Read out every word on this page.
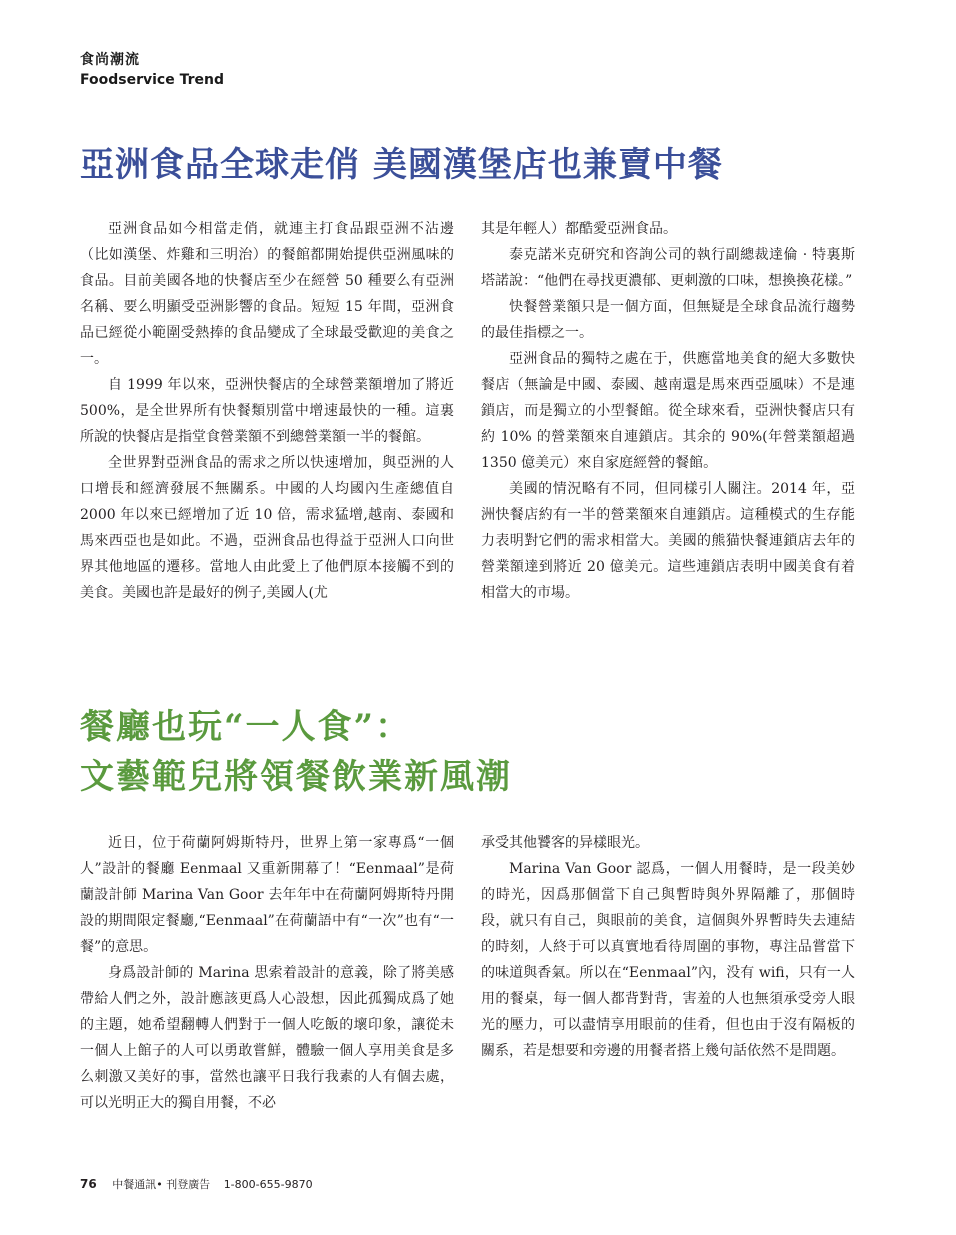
食尚潮流
Foodservice Trend
亞洲食品全球走俏 美國漢堡店也兼賣中餐

亞洲食品如今相當走俏，就連主打食品跟亞洲不沾邊（比如漢堡、炸雞和三明治）的餐館都開始提供亞洲風味的食品。目前美國各地的快餐店至少在經營 50 種要么有亞洲名稱、要么明顯受亞洲影響的食品。短短 15 年間，亞洲食品已經從小範圍受熱捧的食品變成了全球最受歡迎的美食之一。

自 1999 年以來，亞洲快餐店的全球營業額增加了將近 500%，是全世界所有快餐類別當中增速最快的一種。這裏所說的快餐店是指堂食營業額不到總營業額一半的餐館。

全世界對亞洲食品的需求之所以快速增加，與亞洲的人口增長和經濟發展不無關系。中國的人均國內生產總值自 2000 年以來已經增加了近 10 倍，需求猛增,越南、泰國和馬來西亞也是如此。不過，亞洲食品也得益于亞洲人口向世界其他地區的遷移。當地人由此愛上了他們原本接觸不到的美食。美國也許是最好的例子,美國人(尤

其是年輕人）都酷愛亞洲食品。

泰克諾米克研究和咨詢公司的執行副總裁達倫 · 特裏斯塔諾說：“他們在尋找更濃郁、更刺激的口味，想換換花樣。”

快餐營業額只是一個方面，但無疑是全球食品流行趨勢的最佳指標之一。

亞洲食品的獨特之處在于，供應當地美食的絕大多數快餐店（無論是中國、泰國、越南還是馬來西亞風味）不是連鎖店，而是獨立的小型餐館。從全球來看，亞洲快餐店只有約 10% 的營業額來自連鎖店。其余的 90%(年營業額超過 1350 億美元）來自家庭經營的餐館。

美國的情況略有不同，但同樣引人關注。2014 年，亞洲快餐店約有一半的營業額來自連鎖店。這種模式的生存能力表明對它們的需求相當大。美國的熊猫快餐連鎖店去年的營業額達到將近 20 億美元。這些連鎖店表明中國美食有着相當大的市場。

餐廳也玩“一人食”：
文藝範兒將領餐飲業新風潮

近日，位于荷蘭阿姆斯特丹，世界上第一家專爲“一個人”設計的餐廳 Eenmaal 又重新開幕了！“Eenmaal”是荷蘭設計師 Marina Van Goor 去年年中在荷蘭阿姆斯特丹開設的期間限定餐廳,“Eenmaal”在荷蘭語中有“一次”也有“一餐”的意思。

身爲設計師的 Marina 思索着設計的意義，除了將美感帶給人們之外，設計應該更爲人心設想，因此孤獨成爲了她的主題，她希望翻轉人們對于一個人吃飯的壞印象，讓從未一個人上館子的人可以勇敢嘗鮮，體驗一個人享用美食是多么刺激又美好的事，當然也讓平日我行我素的人有個去處，可以光明正大的獨自用餐，不必

承受其他饕客的异樣眼光。

Marina Van Goor 認爲，一個人用餐時，是一段美妙的時光，因爲那個當下自己與暫時與外界隔離了，那個時段，就只有自己，與眼前的美食，這個與外界暫時失去連結的時刻，人終于可以真實地看待周圍的事物，專注品嘗當下的味道與香氣。所以在“Eenmaal”內，没有 wifi，只有一人用的餐桌，每一個人都背對背，害羞的人也無須承受旁人眼光的壓力，可以盡情享用眼前的佳肴，但也由于沒有隔板的關系，若是想要和旁邊的用餐者搭上幾句話依然不是問題。

76 中餐通訊• 刊登廣告 1-800-655-9870
